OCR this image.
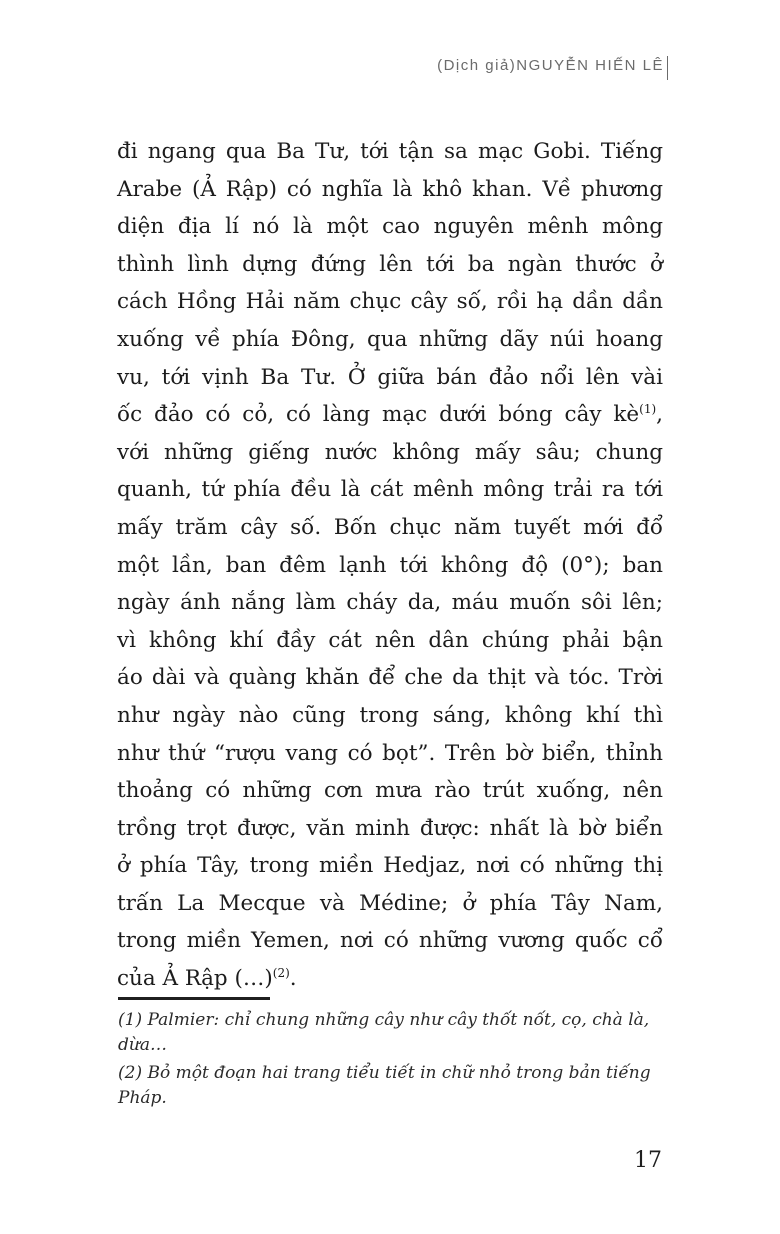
(Dịch giả)NGUYỄN HIẾN LÊ
đi ngang qua Ba Tư, tới tận sa mạc Gobi. Tiếng
Arabe (Ả Rập) có nghĩa là khô khan. Về phương
diện địa lí nó là một cao nguyên mênh mông
thình lình dựng đứng lên tới ba ngàn thước ở
cách Hồng Hải năm chục cây số, rồi hạ dần dần
xuống về phía Đông, qua những dãy núi hoang
vu, tới vịnh Ba Tư. Ở giữa bán đảo nổi lên vài
ốc đảo có cỏ, có làng mạc dưới bóng cây $kè^{(1)}$,
với những giếng nước không mấy sâu; chung
quanh, tứ phía đều là cát mênh mông trải ra tới
mấy trăm cây số. Bốn chục năm tuyết mới đổ
một lần, ban đêm lạnh tới không độ (0°); ban
ngày ánh nắng làm cháy da, máu muốn sôi lên;
vì không khí đầy cát nên dân chúng phải bận
áo dài và quàng khăn để che da thịt và tóc. Trời
như ngày nào cũng trong sáng, không khí thì
như thứ “rượu vang có bọt”. Trên bờ biển, thỉnh
thoảng có những cơn mưa rào trút xuống, nên
trồng trọt được, văn minh được: nhất là bờ biển
ở phía Tây, trong miền Hedjaz, nơi có những thị
trấn La Mecque và Médine; ở phía Tây Nam,
trong miền Yemen, nơi có những vương quốc cổ
của Ả Rập (…)$^{(2)}$.
(1) Palmier: chỉ chung những cây như cây thốt nốt, cọ, chà là, dừa…
(2) Bỏ một đoạn hai trang tiểu tiết in chữ nhỏ trong bản tiếng Pháp.
17
